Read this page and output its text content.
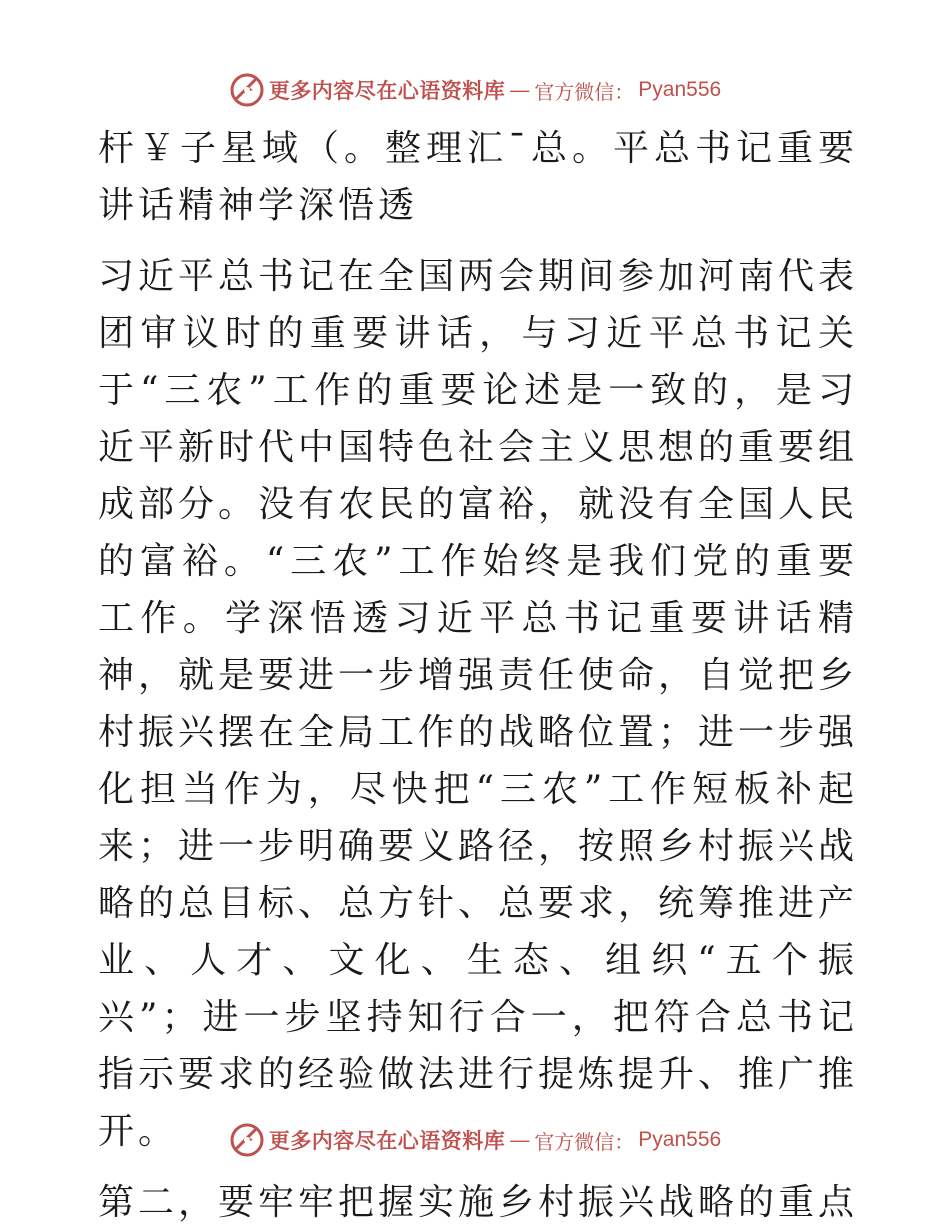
更多内容尽在心语资料库 — 官方微信： Pyan556

杆￥子星域（。整理汇¯总。平总书记重要讲话精神学深悟透

习近平总书记在全国两会期间参加河南代表团审议时的重要讲话，与习近平总书记关于“三农”工作的重要论述是一致的，是习近平新时代中国特色社会主义思想的重要组成部分。没有农民的富裕，就没有全国人民的富裕。“三农”工作始终是我们党的重要工作。学深悟透习近平总书记重要讲话精神，就是要进一步增强责任使命，自觉把乡村振兴摆在全局工作的战略位置；进一步强化担当作为，尽快把“三农”工作短板补起来；进一步明确要义路径，按照乡村振兴战略的总目标、总方针、总要求，统筹推进产业、人才、文化、生态、组织“五个振兴”；进一步坚持知行合一，把符合总书记指示要求的经验做法进行提炼提升、推广推开。

第二，要牢牢把握实施乡村振兴战略的重点

更多内容尽在心语资料库 — 官方微信： Pyan556
